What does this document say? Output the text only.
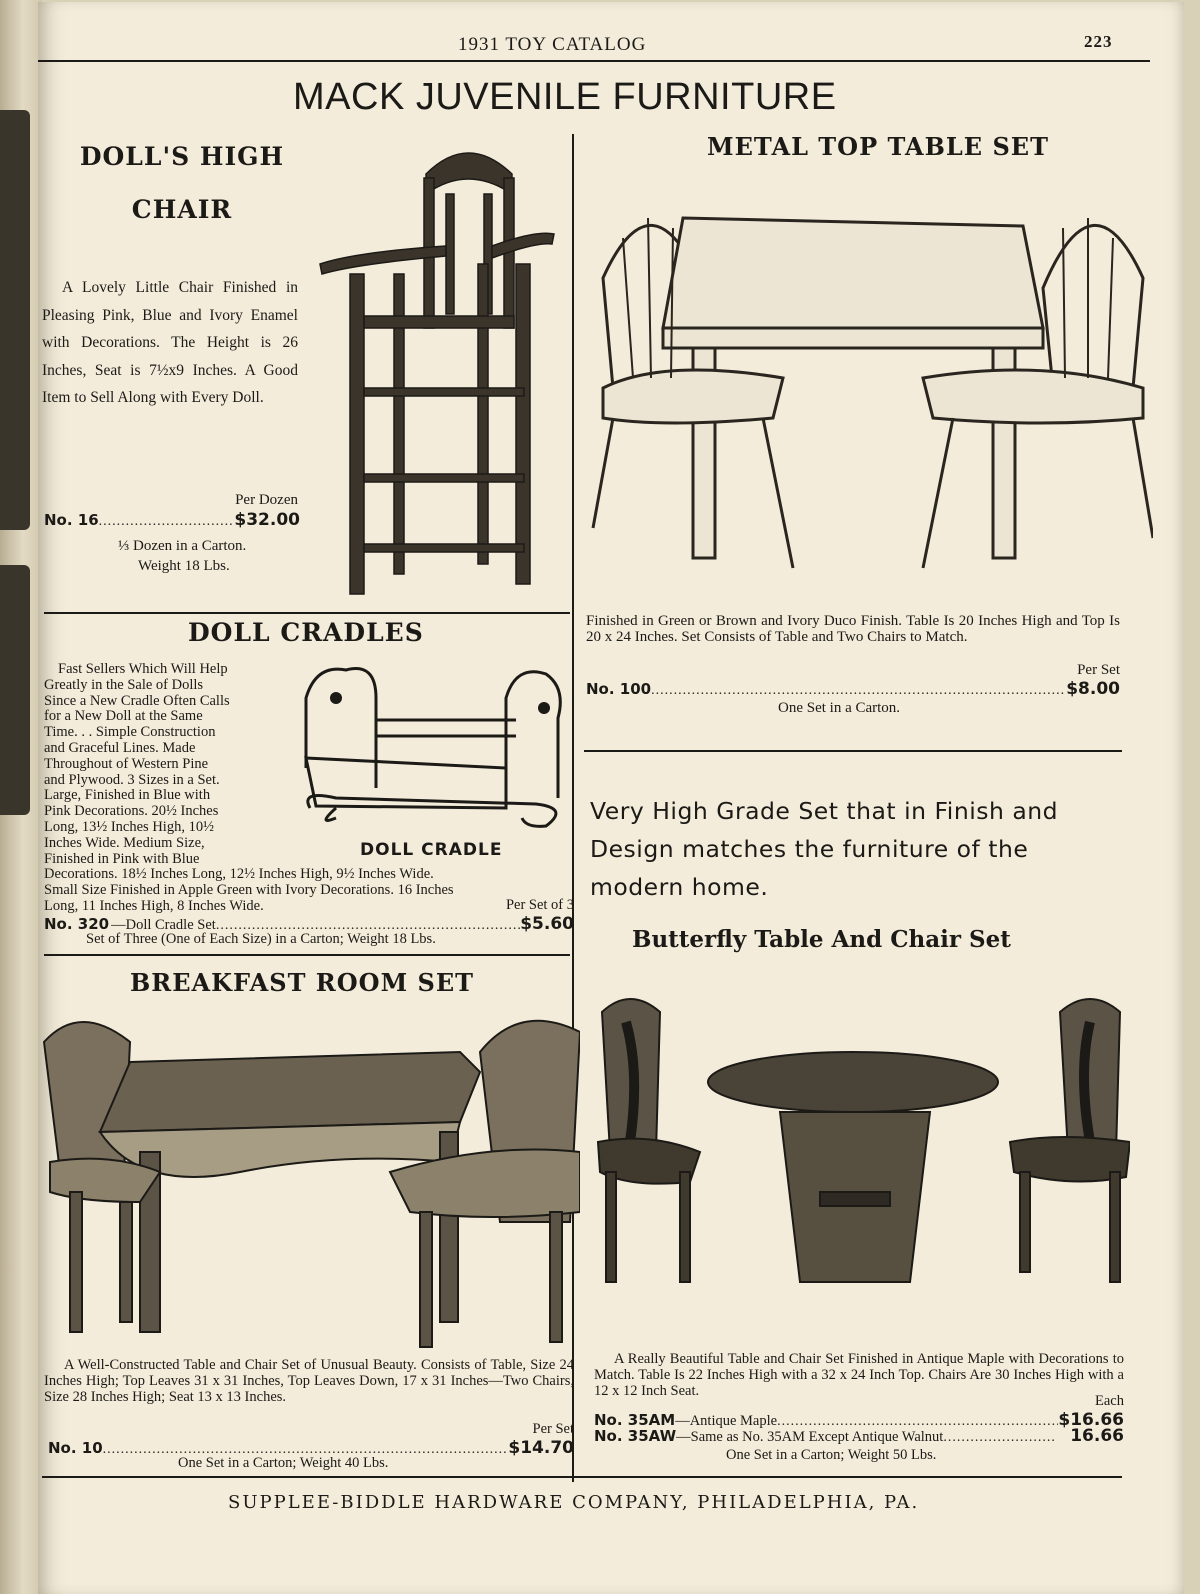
1931 TOY CATALOG	223
MACK JUVENILE FURNITURE
DOLL'S HIGH
CHAIR
A Lovely Little Chair Finished in Pleasing Pink, Blue and Ivory Enamel with Decorations. The Height is 26 Inches, Seat is 7½x9 Inches. A Good Item to Sell Along with Every Doll.
Per Dozen
No. 16 .....	$32.00
⅓ Dozen in a Carton.
Weight 18 Lbs.
METAL TOP TABLE SET
Finished in Green or Brown and Ivory Duco Finish. Table Is 20 Inches High and Top Is 20 x 24 Inches. Set Consists of Table and Two Chairs to Match.
Per Set
No. 100 .....	$8.00
One Set in a Carton.
DOLL CRADLES
Fast Sellers Which Will Help
Greatly in the Sale of Dolls
Since a New Cradle Often Calls
for a New Doll at the Same
Time. . . Simple Construction
and Graceful Lines. Made
Throughout of Western Pine
and Plywood. 3 Sizes in a Set.
Large, Finished in Blue with
Pink Decorations. 20½ Inches
Long, 13½ Inches High, 10½
Inches Wide. Medium Size,
Finished in Pink with Blue	DOLL CRADLE
Decorations. 18½ Inches Long, 12½ Inches High, 9½ Inches Wide.
Small Size Finished in Apple Green with Ivory Decorations. 16 Inches
Long, 11 Inches High, 8 Inches Wide.	Per Set of 3
No. 320 —Doll Cradle Set .....	$5.60
Set of Three (One of Each Size) in a Carton; Weight 18 Lbs.
Very High Grade Set that in Finish and Design matches the furniture of the modern home.
BREAKFAST ROOM SET
A Well-Constructed Table and Chair Set of Unusual Beauty. Consists of Table, Size 24 Inches High; Top Leaves 31 x 31 Inches, Top Leaves Down, 17 x 31 Inches—Two Chairs, Size 28 Inches High; Seat 13 x 13 Inches.
Per Set
No. 10 .....	$14.70
One Set in a Carton; Weight 40 Lbs.
Butterfly Table And Chair Set
A Really Beautiful Table and Chair Set Finished in Antique Maple with Decorations to Match. Table Is 22 Inches High with a 32 x 24 Inch Top. Chairs Are 30 Inches High with a 12 x 12 Inch Seat.
Each
No. 35AM —Antique Maple .....	$16.66
No. 35AW —Same as No. 35AM Except Antique Walnut .....	16.66
One Set in a Carton; Weight 50 Lbs.
SUPPLEE-BIDDLE HARDWARE COMPANY, PHILADELPHIA, PA.
